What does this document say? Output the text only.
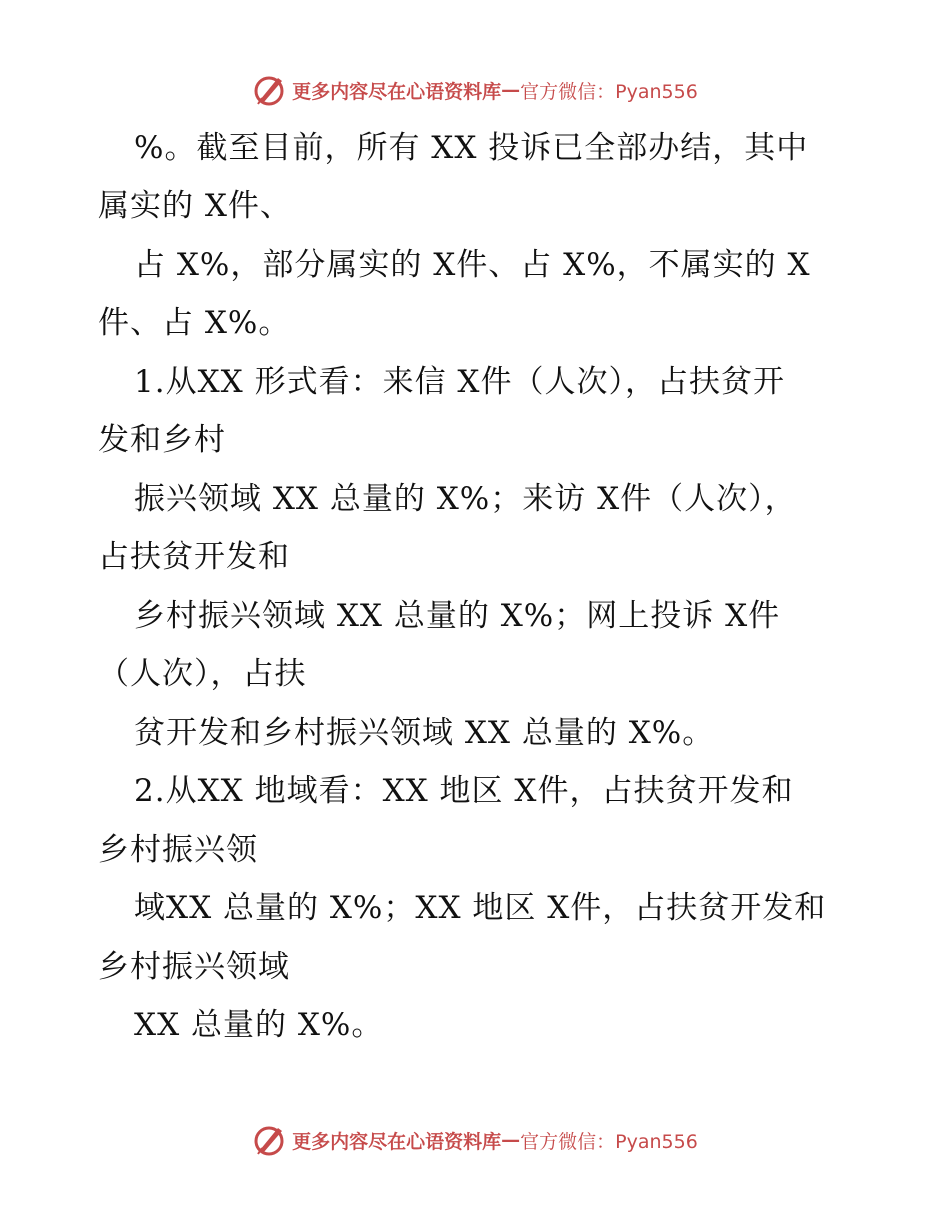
更多内容尽在心语资料库 — 官方微信：Pyan556
%。截至目前，所有 XX 投诉已全部办结，其中
属实的 X件、
占 X%，部分属实的 X件、占 X%，不属实的 X
件、占 X%。
1.从XX 形式看：来信 X件（人次），占扶贫开
发和乡村
振兴领域 XX 总量的 X%；来访 X件（人次），
占扶贫开发和
乡村振兴领域 XX 总量的 X%；网上投诉 X件
（人次），占扶
贫开发和乡村振兴领域 XX 总量的 X%。
2.从XX 地域看：XX 地区 X件，占扶贫开发和
乡村振兴领
域XX 总量的 X%；XX 地区 X件，占扶贫开发和
乡村振兴领域
XX 总量的 X%。
更多内容尽在心语资料库 — 官方微信：Pyan556
